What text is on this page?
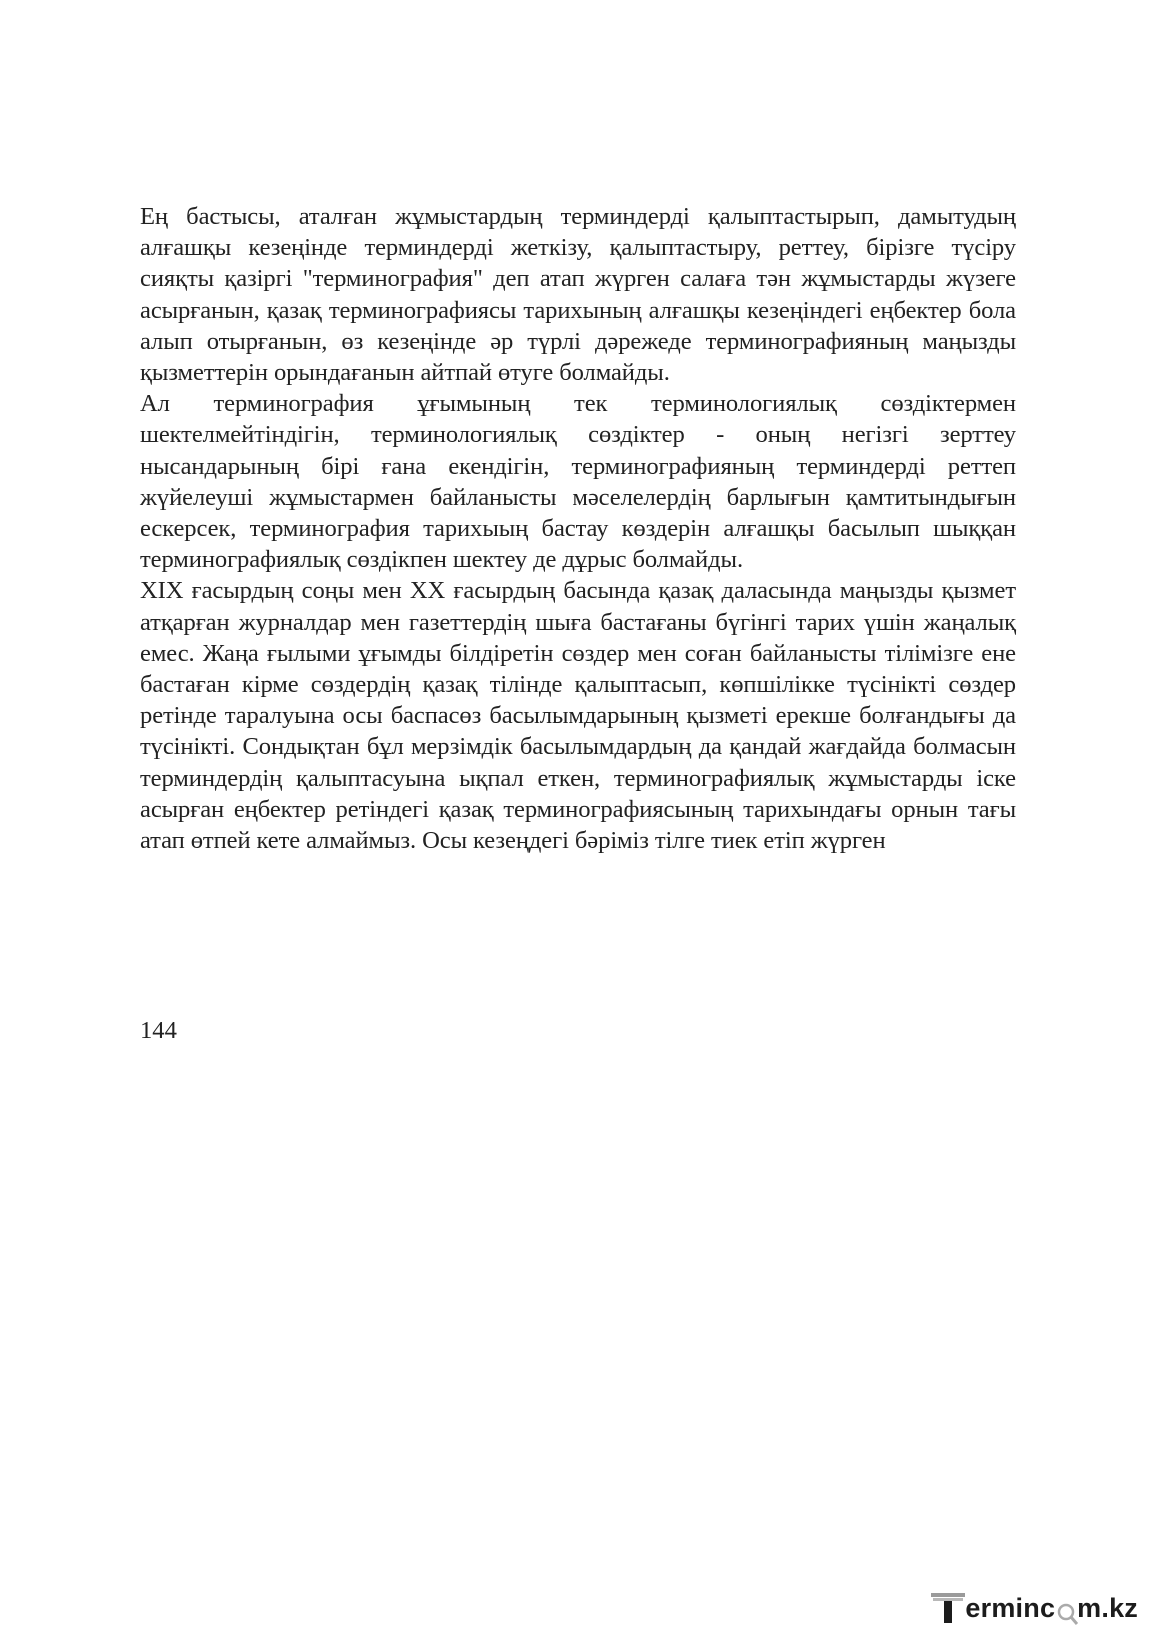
Ең бастысы, аталған жұмыстардың терминдерді қалыптастырып, дамытудың алғашқы кезеңінде терминдерді жеткізу, қалыптастыру, реттеу, бірізге түсіру сияқты қазіргі "терминография" деп атап жүрген салаға тән жұмыстарды жүзеге асырғанын, қазақ терминографиясы тарихының алғашқы кезеңіндегі еңбектер бола алып отырғанын, өз кезеңінде әр түрлі дәрежеде терминографияның маңызды қызметтерін орындағанын айтпай өтуге болмайды.

Ал терминография ұғымының тек терминологиялық сөздіктермен шектелмейтіндігін, терминологиялық сөздіктер - оның негізгі зерттеу нысандарының бірі ғана екендігін, терминографияның терминдерді реттеп жүйелеуші жұмыстармен байланысты мәселелердің барлығын қамтитындығын ескерсек, терминография тарихыың бастау көздерін алғашқы басылып шыққан терминографиялық сөздікпен шектеу де дұрыс болмайды.

ХІХ ғасырдың соңы мен ХХ ғасырдың басында қазақ даласында маңызды қызмет атқарған журналдар мен газеттердің шыға бастағаны бүгінгі тарих үшін жаңалық емес. Жаңа ғылыми ұғымды білдіретін сөздер мен соған байланысты тілімізге ене бастаған кірме сөздердің қазақ тілінде қалыптасып, көпшілікке түсінікті сөздер ретінде таралуына осы баспасөз басылымдарының қызметі ерекше болғандығы да түсінікті. Сондықтан бұл мерзімдік басылымдардың да қандай жағдайда болмасын терминдердің қалыптасуына ықпал еткен, терминографиялық жұмыстарды іске асырған еңбектер ретіндегі қазақ терминографиясының тарихындағы орнын тағы атап өтпей кете алмаймыз. Осы кезеңдегі бәріміз тілге тиек етіп жүрген

144
erminc m.kz
